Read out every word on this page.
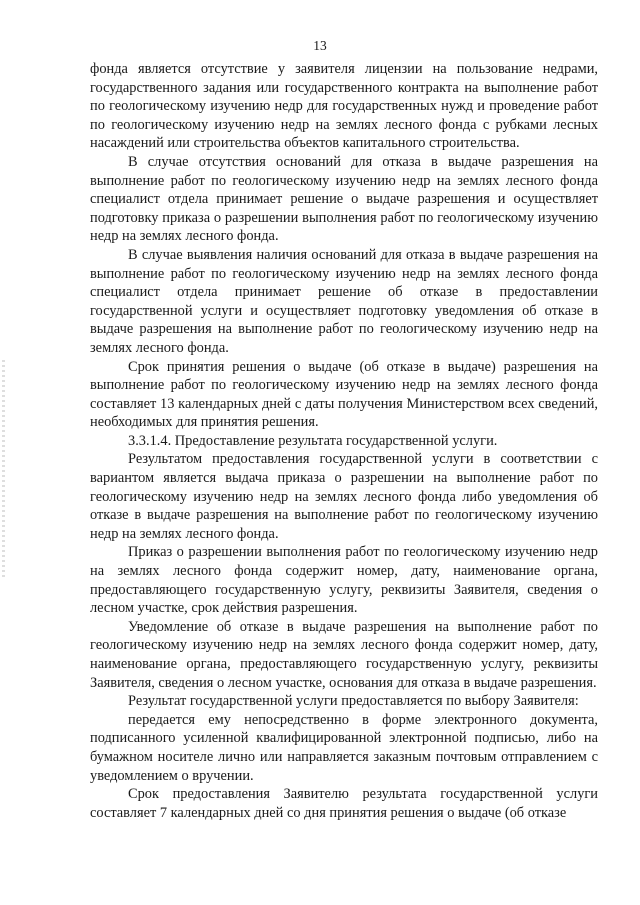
13

фонда является отсутствие у заявителя лицензии на пользование недрами, государственного задания или государственного контракта на выполнение работ по геологическому изучению недр для государственных нужд и проведение работ по геологическому изучению недр на землях лесного фонда с рубками лесных насаждений или строительства объектов капитального строительства.

В случае отсутствия оснований для отказа в выдаче разрешения на выполнение работ по геологическому изучению недр на землях лесного фонда специалист отдела принимает решение о выдаче разрешения и осуществляет подготовку приказа о разрешении выполнения работ по геологическому изучению недр на землях лесного фонда.

В случае выявления наличия оснований для отказа в выдаче разрешения на выполнение работ по геологическому изучению недр на землях лесного фонда специалист отдела принимает решение об отказе в предоставлении государственной услуги и осуществляет подготовку уведомления об отказе в выдаче разрешения на выполнение работ по геологическому изучению недр на землях лесного фонда.

Срок принятия решения о выдаче (об отказе в выдаче) разрешения на выполнение работ по геологическому изучению недр на землях лесного фонда составляет 13 календарных дней с даты получения Министерством всех сведений, необходимых для принятия решения.

3.3.1.4. Предоставление результата государственной услуги.

Результатом предоставления государственной услуги в соответствии с вариантом является выдача приказа о разрешении на выполнение работ по геологическому изучению недр на землях лесного фонда либо уведомления об отказе в выдаче разрешения на выполнение работ по геологическому изучению недр на землях лесного фонда.

Приказ о разрешении выполнения работ по геологическому изучению недр на землях лесного фонда содержит номер, дату, наименование органа, предоставляющего государственную услугу, реквизиты Заявителя, сведения о лесном участке, срок действия разрешения.

Уведомление об отказе в выдаче разрешения на выполнение работ по геологическому изучению недр на землях лесного фонда содержит номер, дату, наименование органа, предоставляющего государственную услугу, реквизиты Заявителя, сведения о лесном участке, основания для отказа в выдаче разрешения.

Результат государственной услуги предоставляется по выбору Заявителя:

передается ему непосредственно в форме электронного документа, подписанного усиленной квалифицированной электронной подписью, либо на бумажном носителе лично или направляется заказным почтовым отправлением с уведомлением о вручении.

Срок предоставления Заявителю результата государственной услуги составляет 7 календарных дней со дня принятия решения о выдаче (об отказе
